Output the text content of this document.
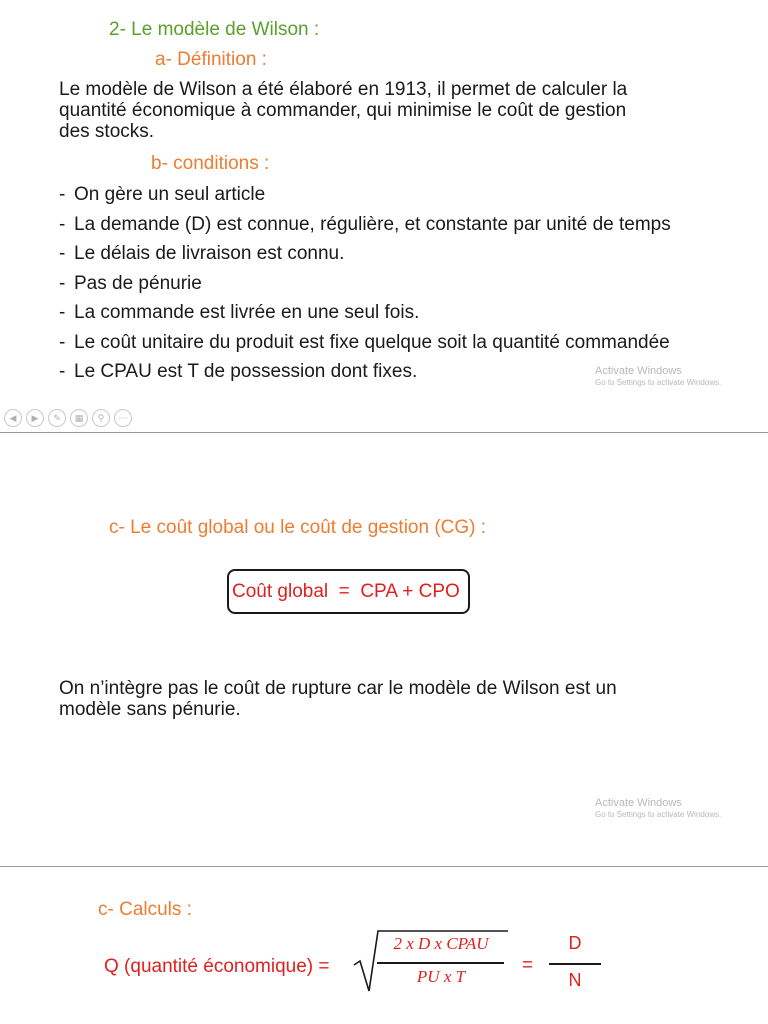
2- Le modèle de Wilson :
a- Définition :
Le modèle de Wilson a été élaboré en 1913, il permet de calculer la
quantité économique à commander, qui minimise le coût de gestion
des stocks.
b- conditions :
- On gère un seul article
- La demande (D) est connue, régulière, et constante par unité de temps
- Le délais de livraison est connu.
- Pas de pénurie
- La commande est livrée en une seul fois.
- Le coût unitaire du produit est fixe quelque soit la quantité commandée
- Le CPAU est T de possession dont fixes.	Activate Windows
Go to Settings to activate Windows.
◀	▶	✎	▦	⚲	⋯
c- Le coût global ou le coût de gestion (CG) :
Coût global  =  CPA + CPO
On n’intègre pas le coût de rupture car le modèle de Wilson est un
modèle sans pénurie.
Activate Windows
Go to Settings to activate Windows.
c- Calculs :
Q (quantité économique) =
2 x D x CPAU
PU x T
=
D
N
